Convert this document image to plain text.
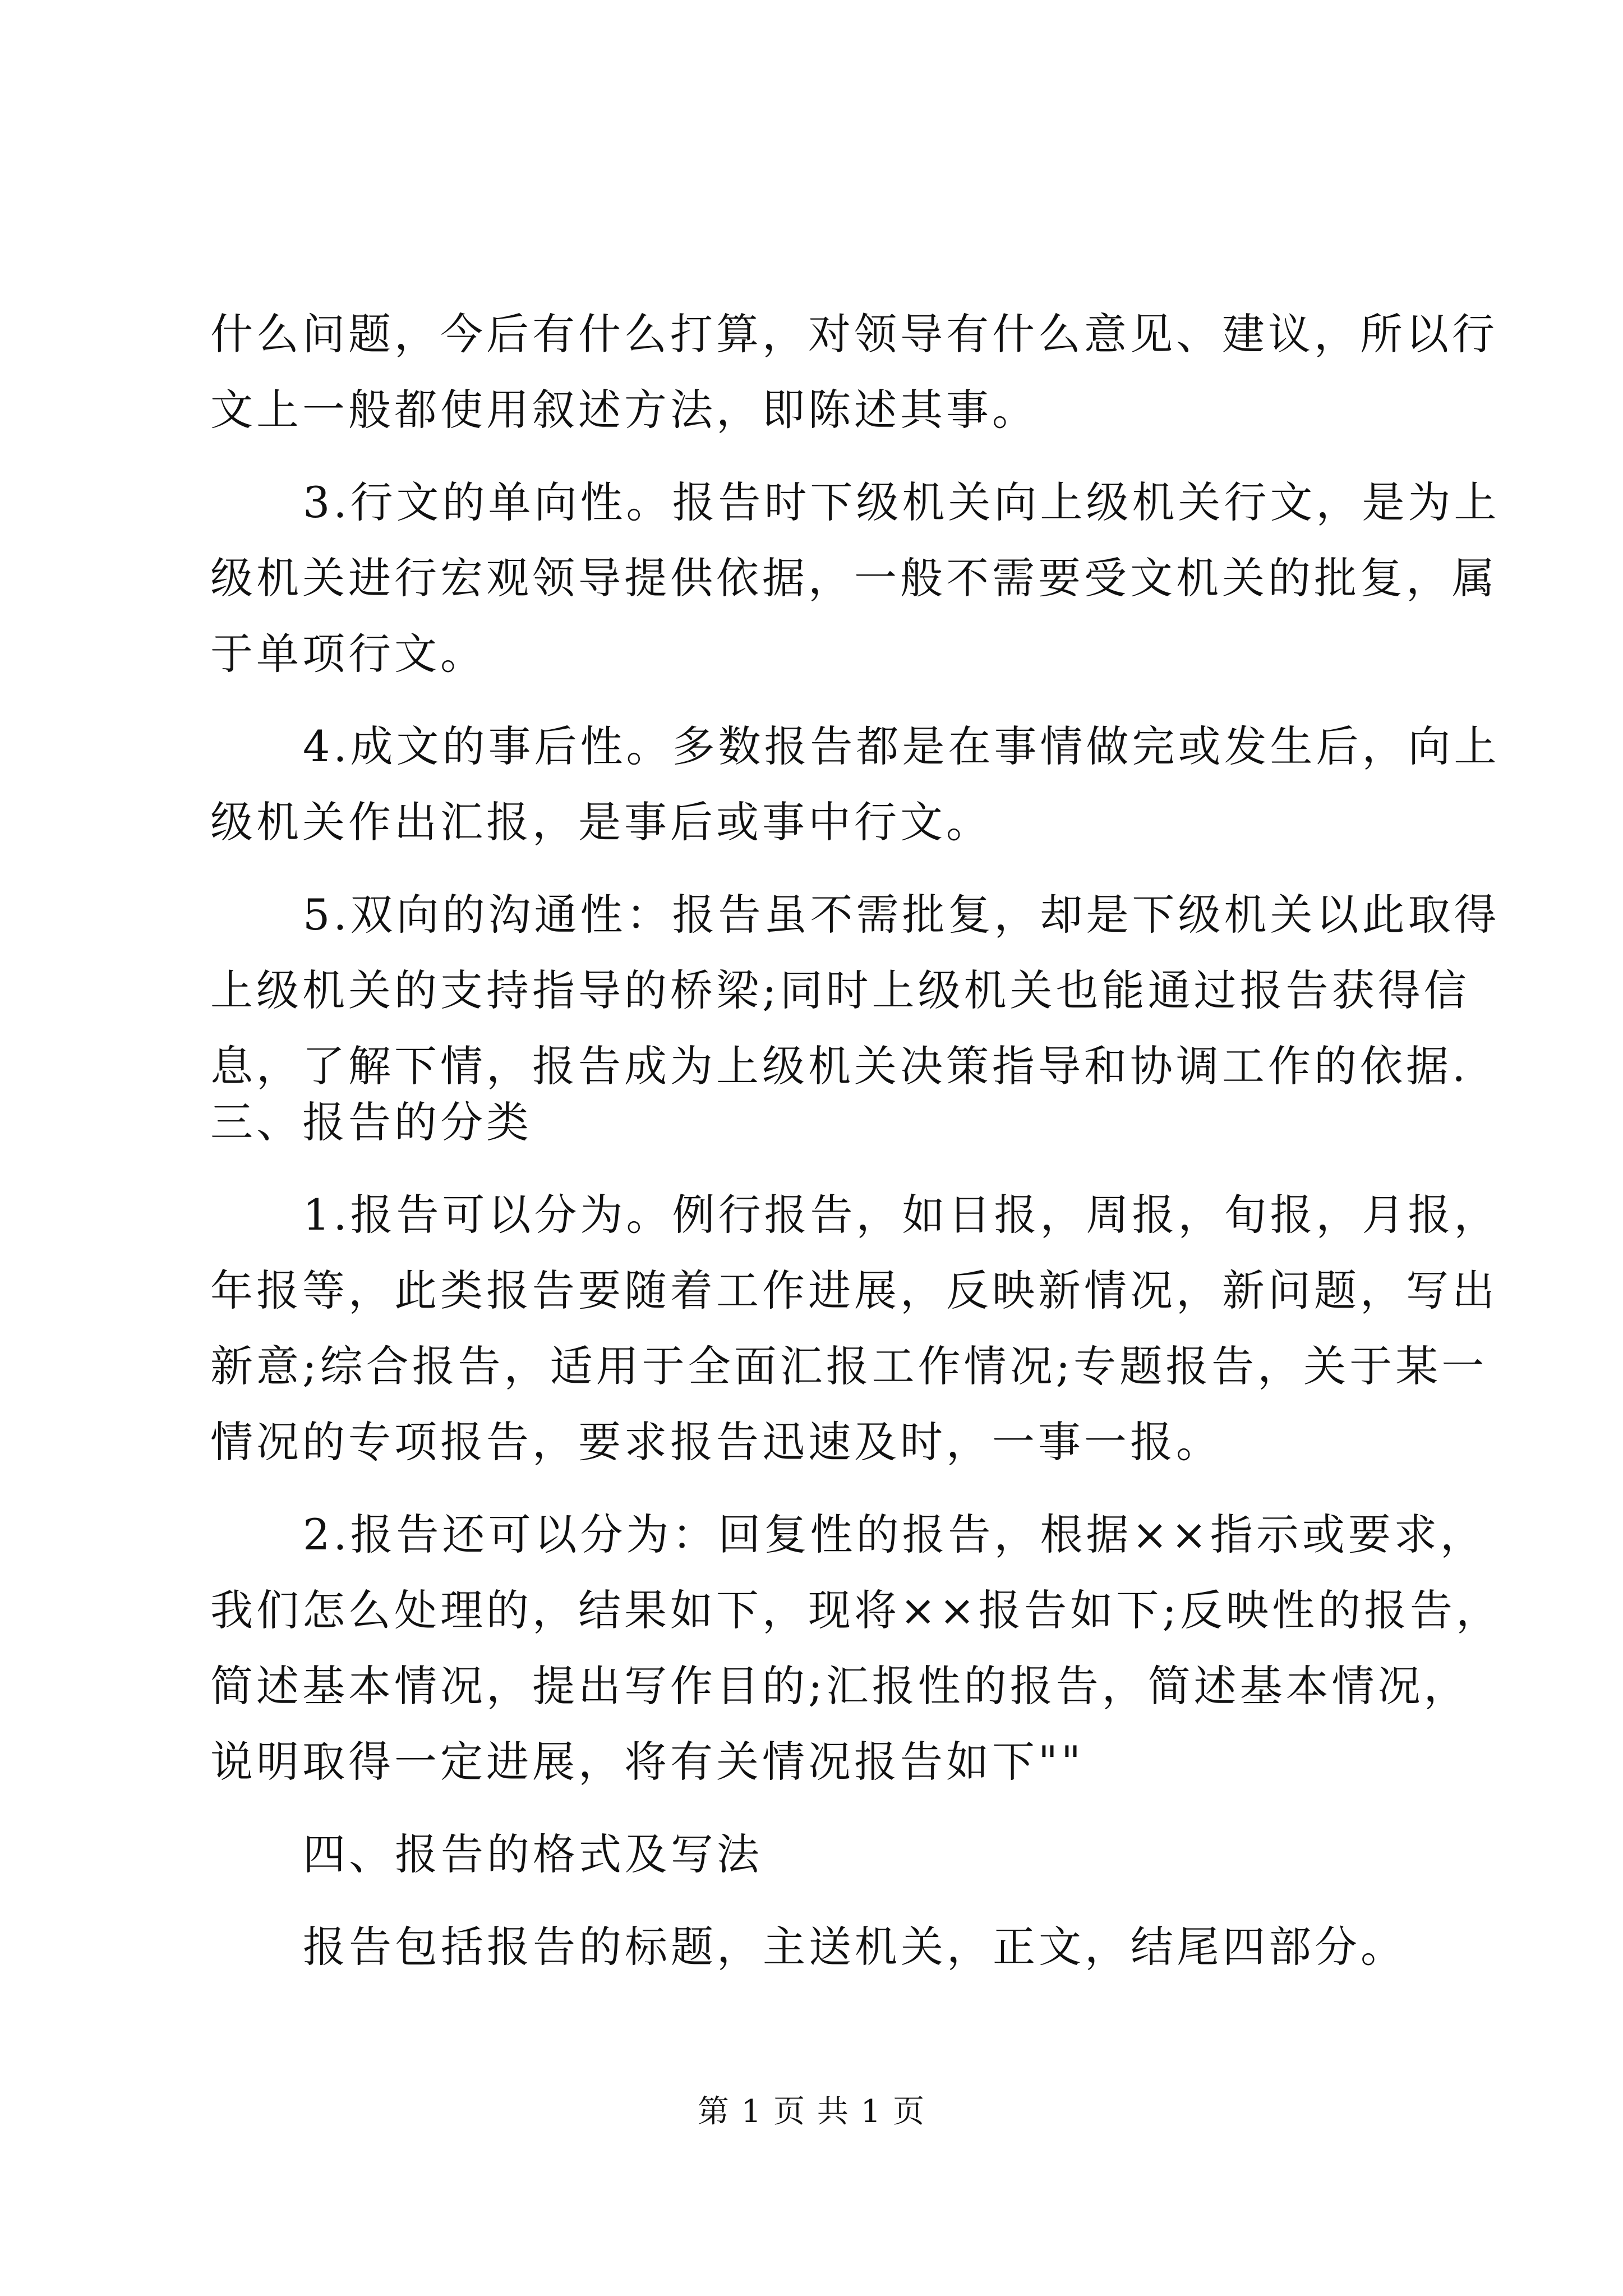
什么问题，今后有什么打算，对领导有什么意见、建议，所以行
文上一般都使用叙述方法，即陈述其事。
3.行文的单向性。报告时下级机关向上级机关行文，是为上
级机关进行宏观领导提供依据，一般不需要受文机关的批复，属
于单项行文。
4.成文的事后性。多数报告都是在事情做完或发生后，向上
级机关作出汇报，是事后或事中行文。
5.双向的沟通性：报告虽不需批复，却是下级机关以此取得
上级机关的支持指导的桥梁;同时上级机关也能通过报告获得信
息，了解下情，报告成为上级机关决策指导和协调工作的依据.
三、报告的分类
1.报告可以分为。例行报告，如日报，周报，旬报，月报，
年报等，此类报告要随着工作进展，反映新情况，新问题，写出
新意;综合报告，适用于全面汇报工作情况;专题报告，关于某一
情况的专项报告，要求报告迅速及时，一事一报。
2.报告还可以分为：回复性的报告，根据××指示或要求，
我们怎么处理的，结果如下，现将××报告如下;反映性的报告，
简述基本情况，提出写作目的;汇报性的报告，简述基本情况，
说明取得一定进展，将有关情况报告如下""
四、报告的格式及写法
报告包括报告的标题，主送机关，正文，结尾四部分。
第 1 页 共 1 页
